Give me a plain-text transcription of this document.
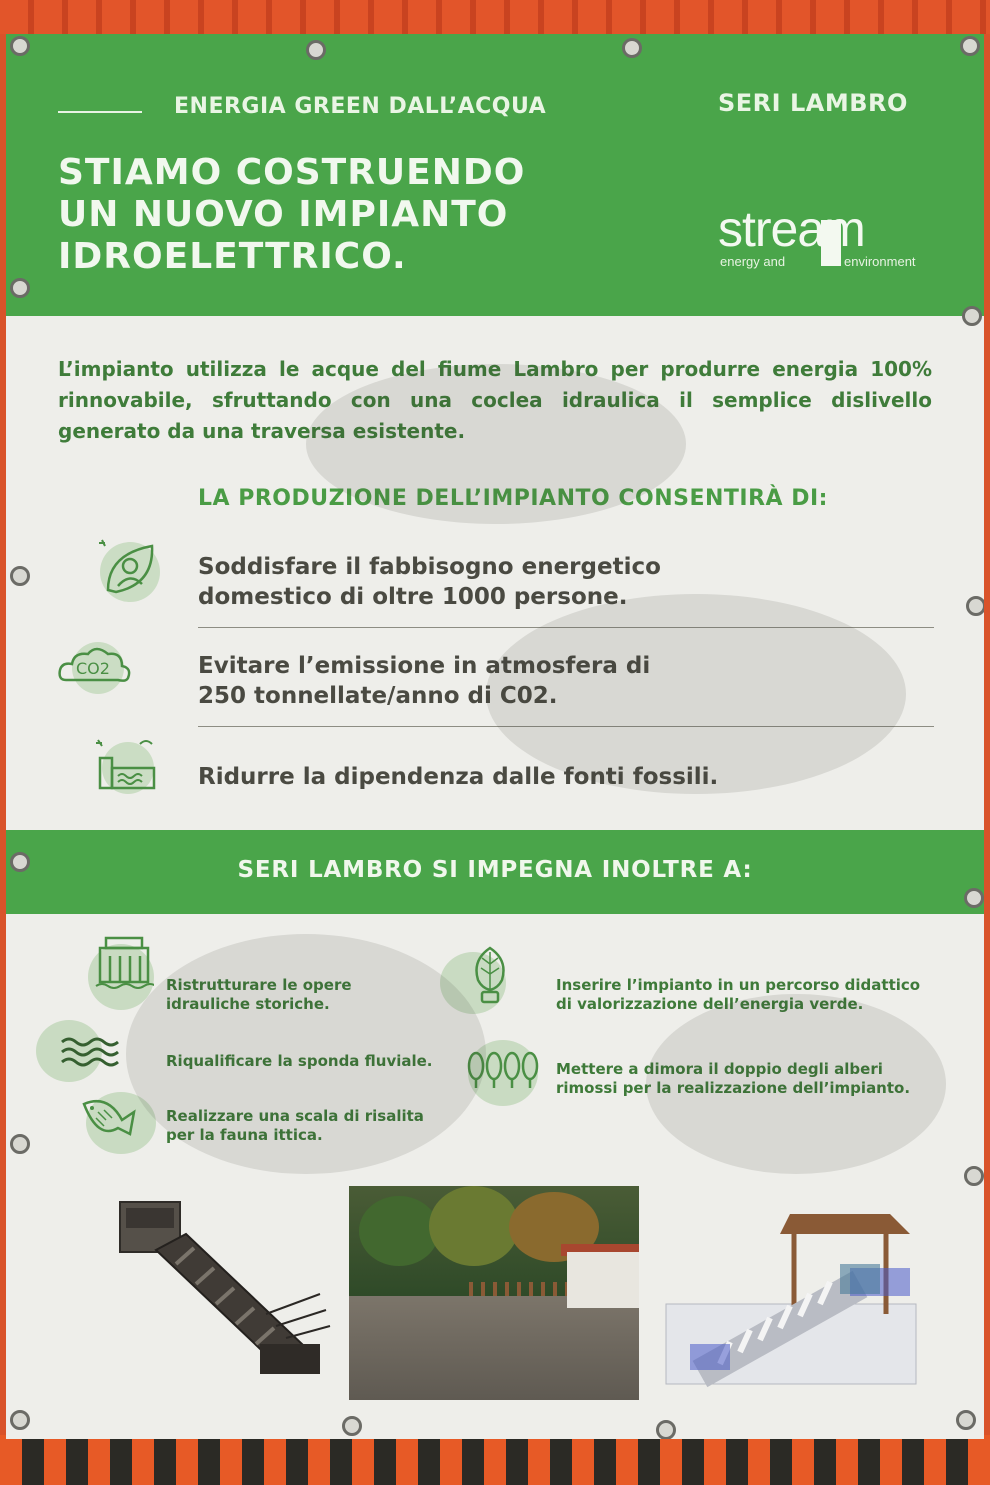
ENERGIA GREEN DALL’ACQUA	SERI LAMBRO
STIAMO COSTRUENDO
UN NUOVO IMPIANTO
IDROELETTRICO.	stream
energy and	environment
L’impianto utilizza le acque del fiume Lambro per produrre energia 100% rinnovabile, sfruttando con una coclea idraulica il semplice dislivello generato da una traversa esistente.
LA PRODUZIONE DELL’IMPIANTO CONSENTIRÀ DI:
Soddisfare il fabbisogno energetico
domestico di oltre 1000 persone.
CO2	Evitare l’emissione in atmosfera di
250 tonnellate/anno di C02.
Ridurre la dipendenza dalle fonti fossili.
SERI LAMBRO SI IMPEGNA INOLTRE A:
Ristrutturare le opere
idrauliche storiche.
Riqualificare la sponda fluviale.
Realizzare una scala di risalita
per la fauna ittica.
Inserire l’impianto in un percorso didattico
di valorizzazione dell’energia verde.
Mettere a dimora il doppio degli alberi
rimossi per la realizzazione dell’impianto.
